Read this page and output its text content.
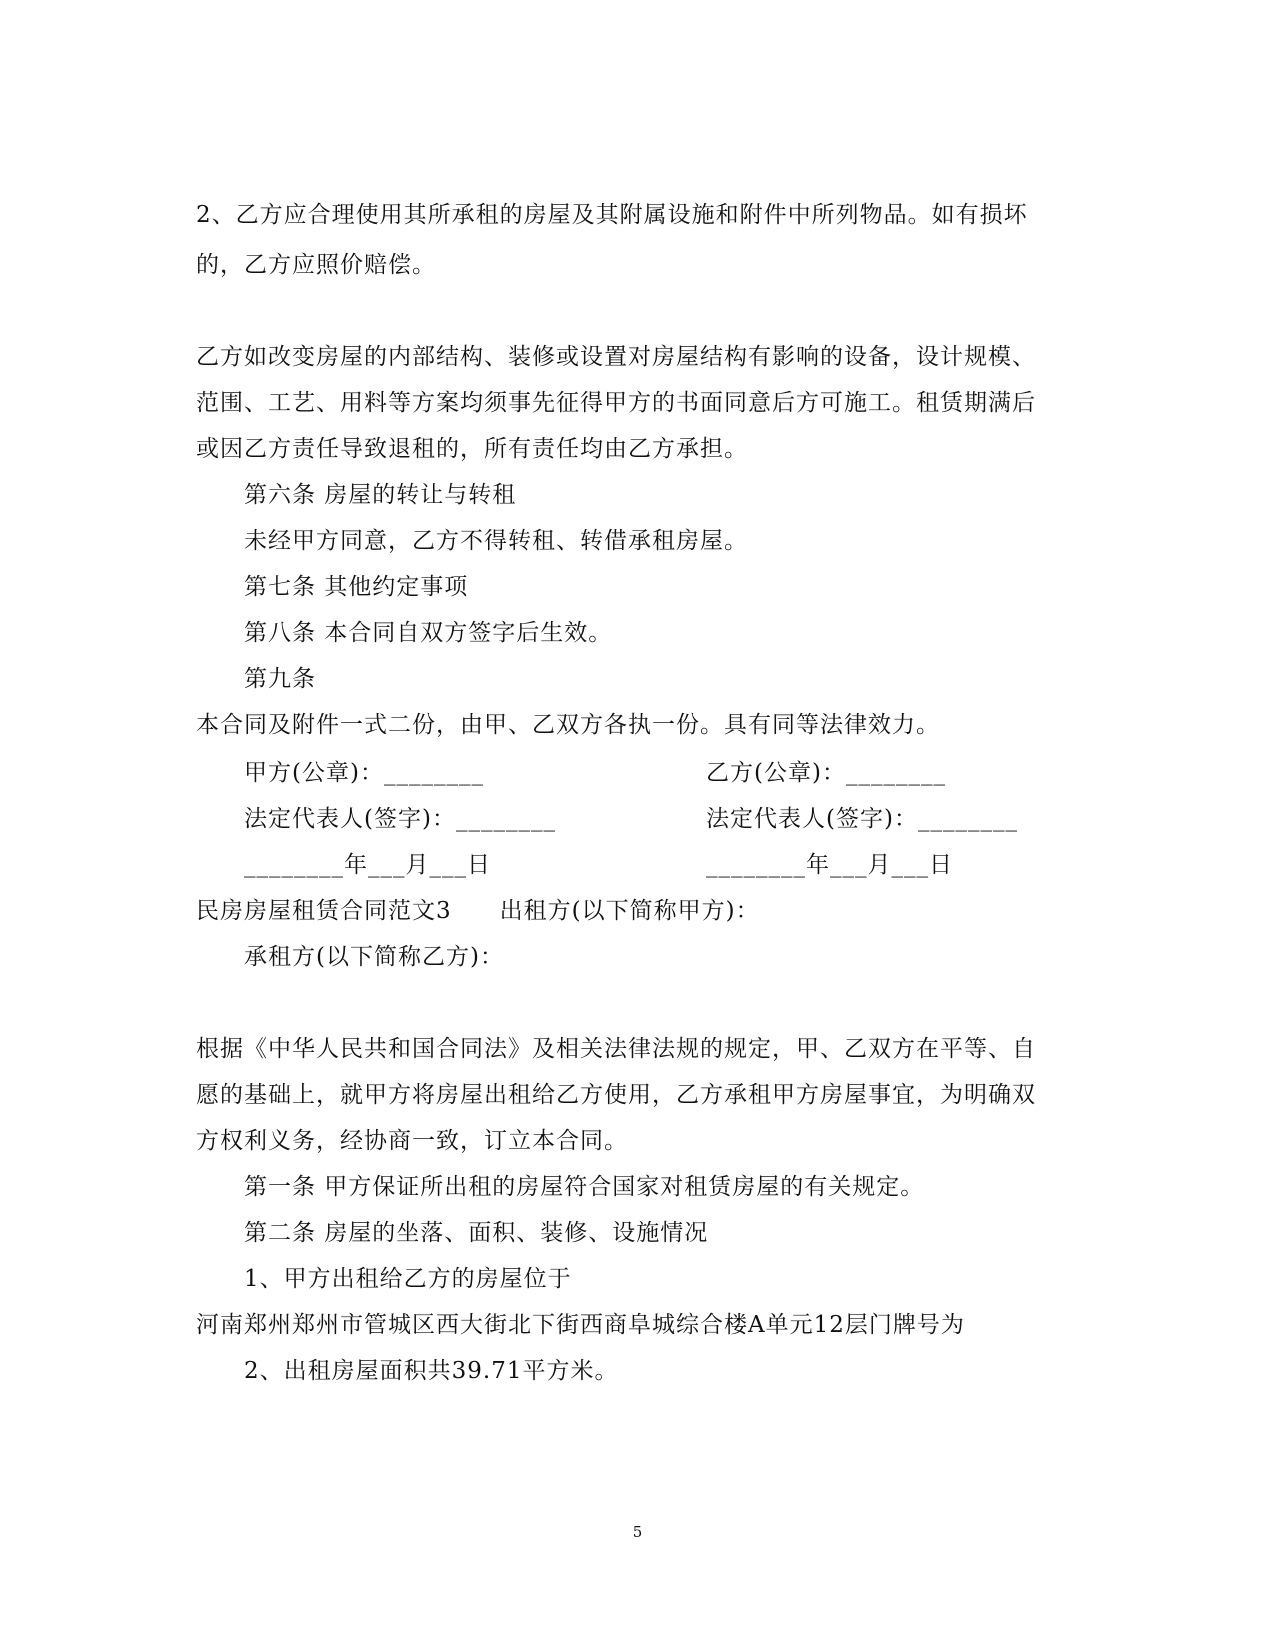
2、乙方应合理使用其所承租的房屋及其附属设施和附件中所列物品。如有损坏
的，乙方应照价赔偿。
乙方如改变房屋的内部结构、装修或设置对房屋结构有影响的设备，设计规模、
范围、工艺、用料等方案均须事先征得甲方的书面同意后方可施工。租赁期满后
或因乙方责任导致退租的，所有责任均由乙方承担。
第六条 房屋的转让与转租
未经甲方同意，乙方不得转租、转借承租房屋。
第七条 其他约定事项
第八条 本合同自双方签字后生效。
第九条
本合同及附件一式二份，由甲、乙双方各执一份。具有同等法律效力。
甲方(公章)：________	乙方(公章)：________
法定代表人(签字)：________	法定代表人(签字)：________
________年___月___日	________年___月___日
民房房屋租赁合同范文3　　出租方(以下简称甲方)：
承租方(以下简称乙方)：
根据《中华人民共和国合同法》及相关法律法规的规定，甲、乙双方在平等、自
愿的基础上，就甲方将房屋出租给乙方使用，乙方承租甲方房屋事宜，为明确双
方权利义务，经协商一致，订立本合同。
第一条 甲方保证所出租的房屋符合国家对租赁房屋的有关规定。
第二条 房屋的坐落、面积、装修、设施情况
1、甲方出租给乙方的房屋位于
河南郑州郑州市管城区西大街北下街西商阜城综合楼A单元12层门牌号为
2、出租房屋面积共39.71平方米。
5
